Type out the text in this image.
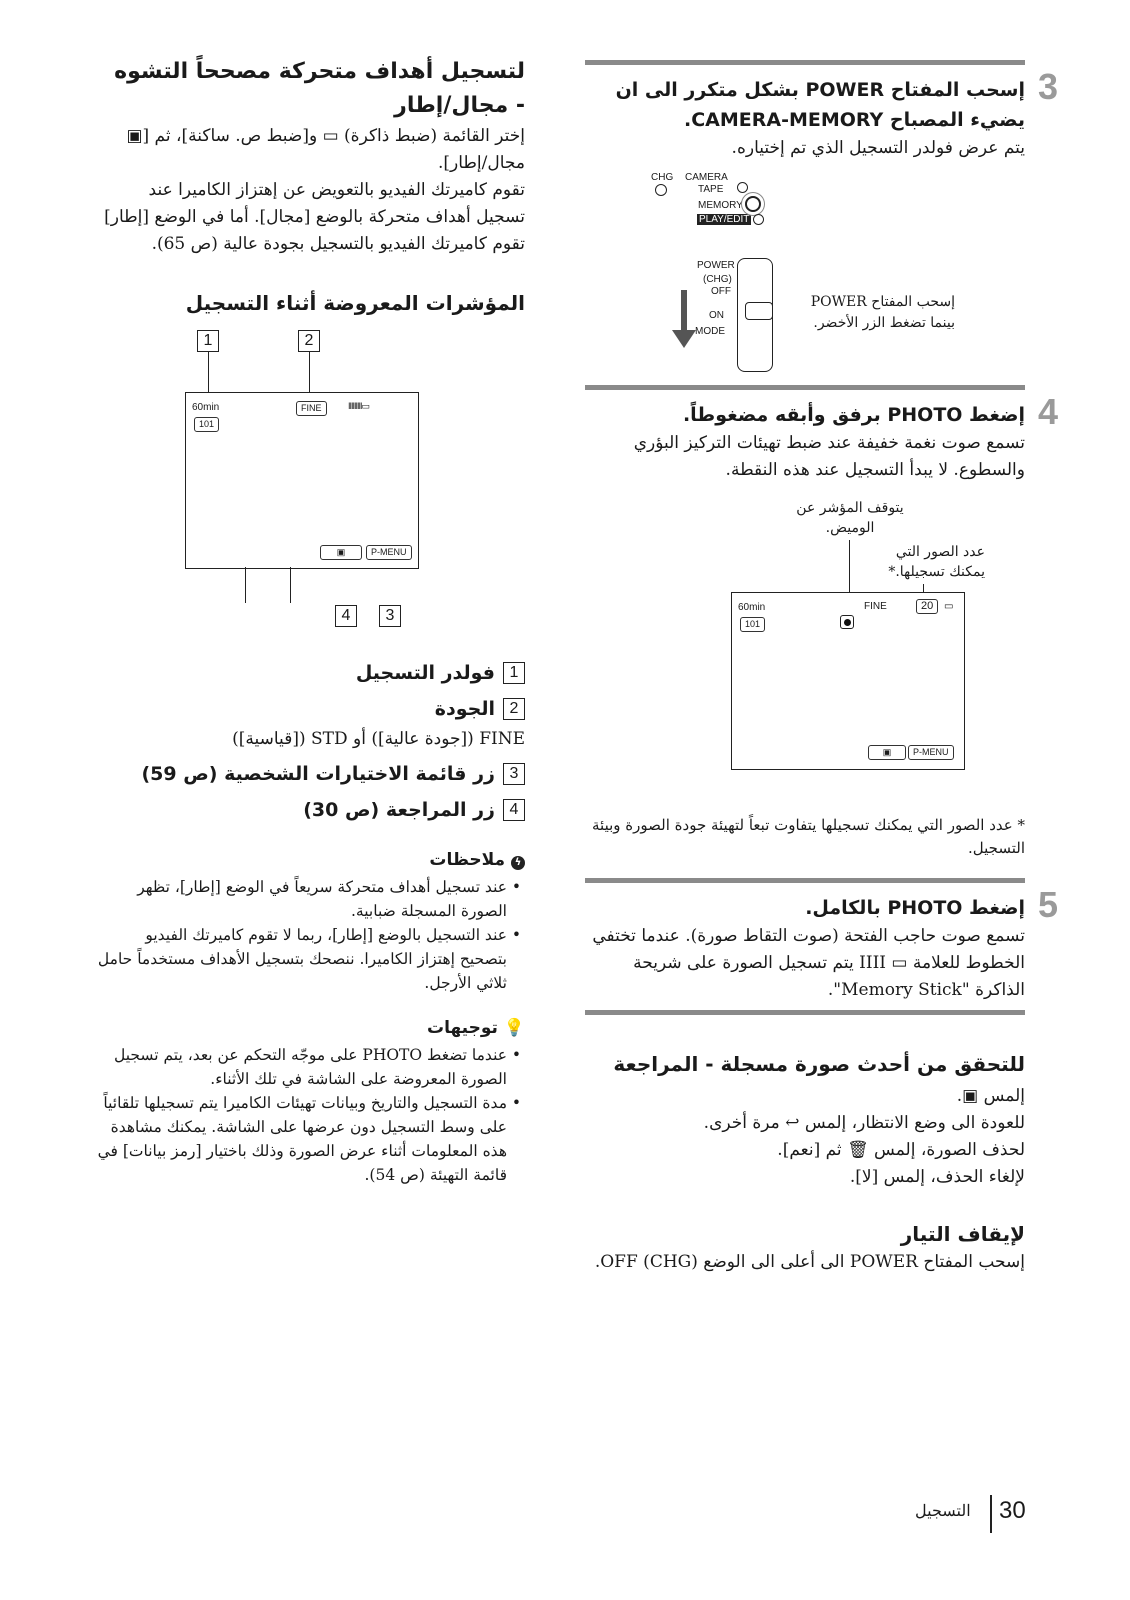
لتسجيل أهداف متحركة مصححاً التشوه

- مجال/إطار

إختر القائمة (ضبط ذاكرة) ▭ و[ضبط ص. ساكنة]، ثم [▣ مجال/إطار].

تقوم كاميرتك الفيديو بالتعويض عن إهتزاز الكاميرا عند تسجيل أهداف متحركة بالوضع [مجال]. أما في الوضع [إطار] تقوم كاميرتك الفيديو بالتسجيل بجودة عالية (ص 65).

المؤشرات المعروضة أثناء التسجيل

1	2
60min
101
FINE	IIIIIIIII▭
▣	P-MENU
4	3
1
فولدر التسجيل
2
الجودة

FINE ([جودة عالية]) أو STD ([قياسية])

3
زر قائمة الاختيارات الشخصية (ص 59)
4
زر المراجعة (ص 30)

ϟ ملاحظات

• عند تسجيل أهداف متحركة سريعاً في الوضع [إطار]، تظهر الصورة المسجلة ضبابية.
• عند التسجيل بالوضع [إطار]، ربما لا تقوم كاميرتك الفيديو بتصحيح إهتزاز الكاميرا. ننصحك بتسجيل الأهداف مستخدماً حامل ثلاثي الأرجل.

💡 توجيهات

• عندما تضغط PHOTO على موجّه التحكم عن بعد، يتم تسجيل الصورة المعروضة على الشاشة في تلك الأثناء.
• مدة التسجيل والتاريخ وبيانات تهيئات الكاميرا يتم تسجيلها تلقائياً على وسط التسجيل دون عرضها على الشاشة. يمكنك مشاهدة هذه المعلومات أثناء عرض الصورة وذلك باختيار [رمز بيانات] في قائمة التهيئة (ص 54).
3

إسحب المفتاح POWER بشكل متكرر الى ان

يضيء المصباح CAMERA-MEMORY.

يتم عرض فولدر التسجيل الذي تم إختياره.

CHG CAMERA
TAPE
MEMORY
PLAY/EDIT
POWER
(CHG)
OFF
ON
MODE
إسحب المفتاح POWER
بينما تضغط الزر الأخضر.
4

إضغط PHOTO برفق وأبقه مضغوطاً.

تسمع صوت نغمة خفيفة عند ضبط تهيئات التركيز البؤري والسطوع. لا يبدأ التسجيل عند هذه النقطة.

يتوقف المؤشر عن
الوميض.
عدد الصور التي
يمكنك تسجيلها.*
60min
101
FINE	20	▭
▣	P-MENU

* عدد الصور التي يمكنك تسجيلها يتفاوت تبعاً لتهيئة جودة الصورة وبيئة التسجيل.

5

إضغط PHOTO بالكامل.

تسمع صوت حاجب الفتحة (صوت التقاط صورة). عندما تختفي الخطوط للعلامة ▭ IIII يتم تسجيل الصورة على شريحة الذاكرة "Memory Stick".

للتحقق من أحدث صورة مسجلة - المراجعة

إلمس ▣.

للعودة الى وضع الانتظار، إلمس ↩ مرة أخرى.

لحذف الصورة، إلمس 🗑 ثم [نعم].

لإلغاء الحذف، إلمس [لا].

لإيقاف التيار

إسحب المفتاح POWER الى أعلى الى الوضع (CHG) OFF.

التسجيل 30
